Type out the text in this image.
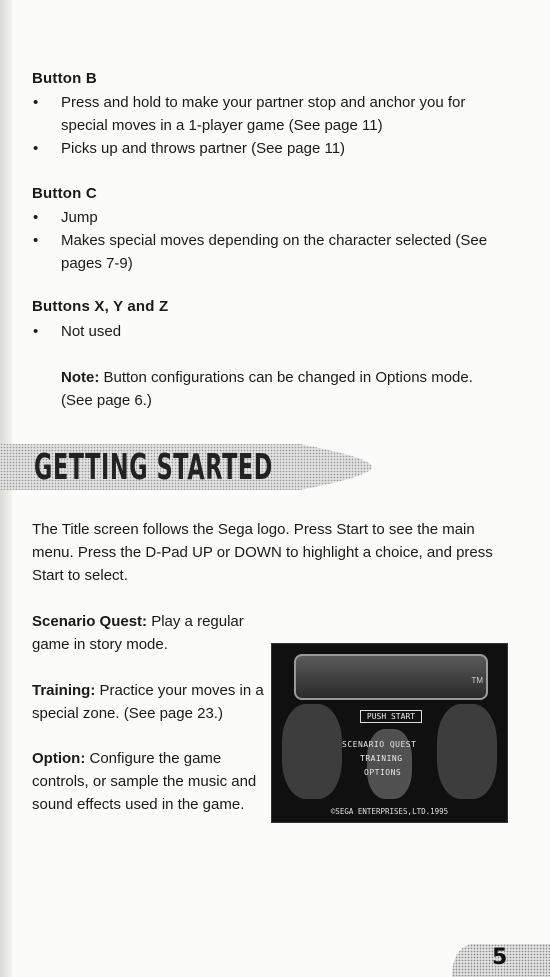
Button B
• Press and hold to make your partner stop and anchor you for special moves in a 1-player game (See page 11)
• Picks up and throws partner (See page 11)
Button C
• Jump
• Makes special moves depending on the character selected (See pages 7-9)
Buttons X, Y and Z
• Not used
Note: Button configurations can be changed in Options mode. (See page 6.)
GETTING STARTED
The Title screen follows the Sega logo. Press Start to see the main menu. Press the D-Pad UP or DOWN to highlight a choice, and press Start to select.
Scenario Quest: Play a regular game in story mode.
Training: Practice your moves in a special zone. (See page 23.)
Option: Configure the game controls, or sample the music and sound effects used in the game.
TM
PUSH START
SCENARIO QUEST
TRAINING
OPTIONS
©SEGA ENTERPRISES,LTD.1995
5
